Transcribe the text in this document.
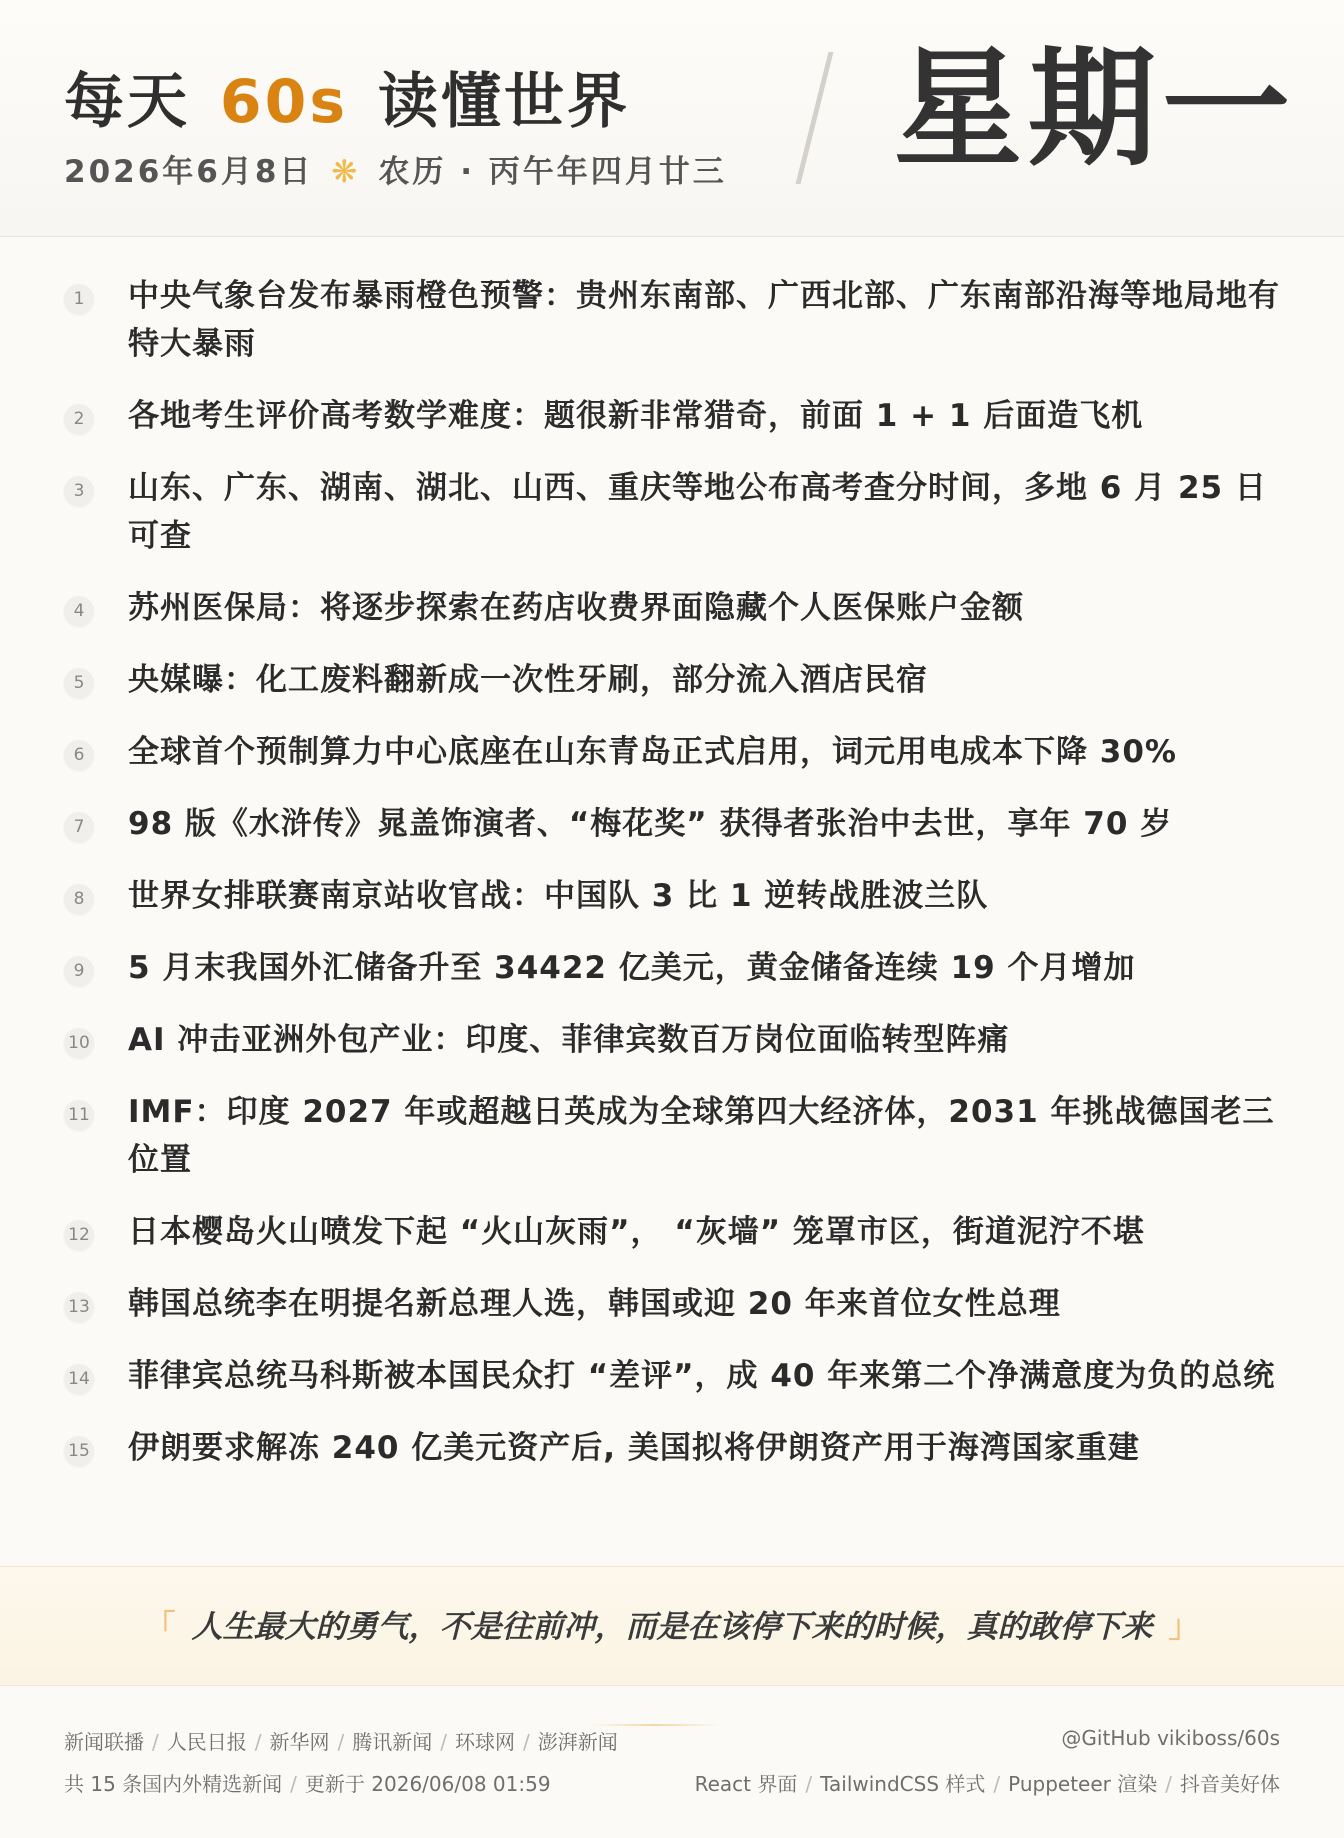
每天 60s 读懂世界
2026年6月8日 ❋ 农历 · 丙午年四月廿三 星期一
1	中央气象台发布暴雨橙色预警：贵州东南部、广西北部、广东南部沿海等地局地有特大暴雨
2	各地考生评价高考数学难度：题很新非常猎奇，前面 1 + 1 后面造飞机
3	山东、广东、湖南、湖北、山西、重庆等地公布高考查分时间，多地 6 月 25 日可查
4	苏州医保局：将逐步探索在药店收费界面隐藏个人医保账户金额
5	央媒曝：化工废料翻新成一次性牙刷，部分流入酒店民宿
6	全球首个预制算力中心底座在山东青岛正式启用，词元用电成本下降 30%
7	98 版《水浒传》晁盖饰演者、“梅花奖” 获得者张治中去世，享年 70 岁
8	世界女排联赛南京站收官战：中国队 3 比 1 逆转战胜波兰队
9	5 月末我国外汇储备升至 34422 亿美元，黄金储备连续 19 个月增加
10 AI 冲击亚洲外包产业：印度、菲律宾数百万岗位面临转型阵痛
11 IMF：印度 2027 年或超越日英成为全球第四大经济体，2031 年挑战德国老三位置
12 日本樱岛火山喷发下起 “火山灰雨”， “灰墙” 笼罩市区，街道泥泞不堪
13 韩国总统李在明提名新总理人选，韩国或迎 20 年来首位女性总理
14 菲律宾总统马科斯被本国民众打 “差评”，成 40 年来第二个净满意度为负的总统
15 伊朗要求解冻 240 亿美元资产后, 美国拟将伊朗资产用于海湾国家重建
「 人生最大的勇气，不是往前冲，而是在该停下来的时候，真的敢停下来 」
新闻联播 / 人民日报 / 新华网 / 腾讯新闻 / 环球网 / 澎湃新闻	@GitHub vikiboss/60s
共 15 条国内外精选新闻 / 更新于 2026/06/08 01:59	React 界面 / TailwindCSS 样式 / Puppeteer 渲染 / 抖音美好体
